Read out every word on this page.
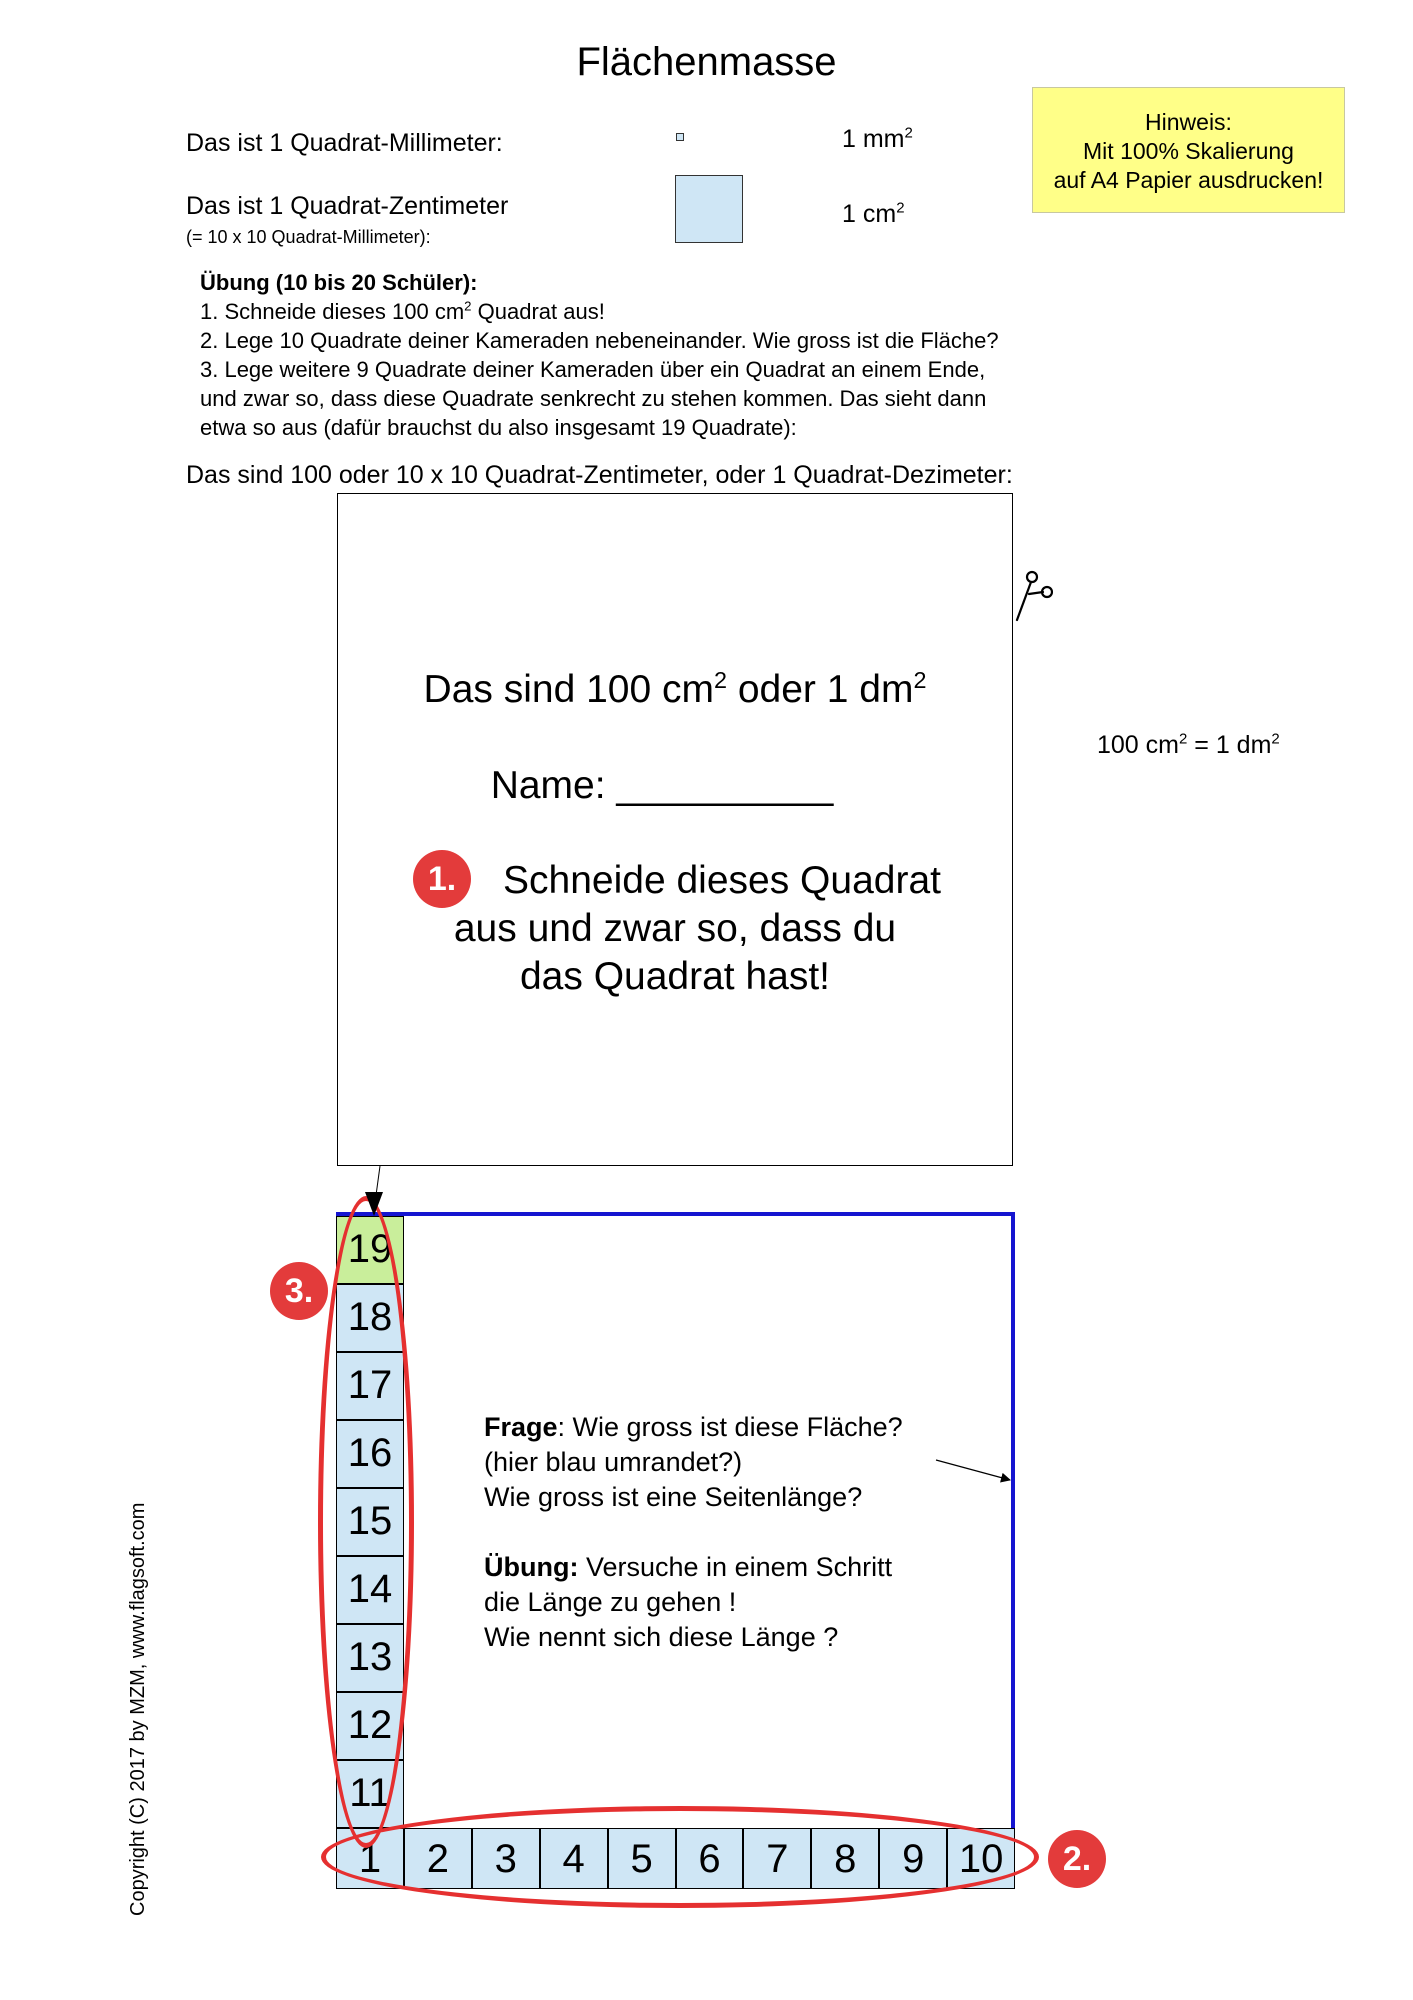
Flächenmasse
Hinweis:
Mit 100% Skalierung
auf A4 Papier ausdrucken!
Das ist 1 Quadrat-Millimeter:	1 $mm^2$
Das ist 1 Quadrat-Zentimeter
(= 10 x 10 Quadrat-Millimeter):
1 $cm^2$
Übung (10 bis 20 Schüler):
1. Schneide dieses 100 $cm^2$ Quadrat aus!
2. Lege 10 Quadrate deiner Kameraden nebeneinander. Wie gross ist die Fläche?
3. Lege weitere 9 Quadrate deiner Kameraden über ein Quadrat an einem Ende,
und zwar so, dass diese Quadrate senkrecht zu stehen kommen. Das sieht dann
etwa so aus (dafür brauchst du also insgesamt 19 Quadrate):
Das sind 100 oder 10 x 10 Quadrat-Zentimeter, oder 1 Quadrat-Dezimeter:
Das sind 100 $cm^2$ oder 1 $dm^2$
Name: __________
Schneide dieses Quadrat
aus und zwar so, dass du
das Quadrat hast!
1.
100 $cm^2 = 1$ $dm^2$
19
18
17
16
15
14
13
12
11
1	2	3	4	5	6	7	8	9 10
3.
2.
Frage: Wie gross ist diese Fläche?
(hier blau umrandet?)
Wie gross ist eine Seitenlänge?
Übung: Versuche in einem Schritt
die Länge zu gehen !
Wie nennt sich diese Länge ?
Copyright (C) 2017 by MZM, www.flagsoft.com
